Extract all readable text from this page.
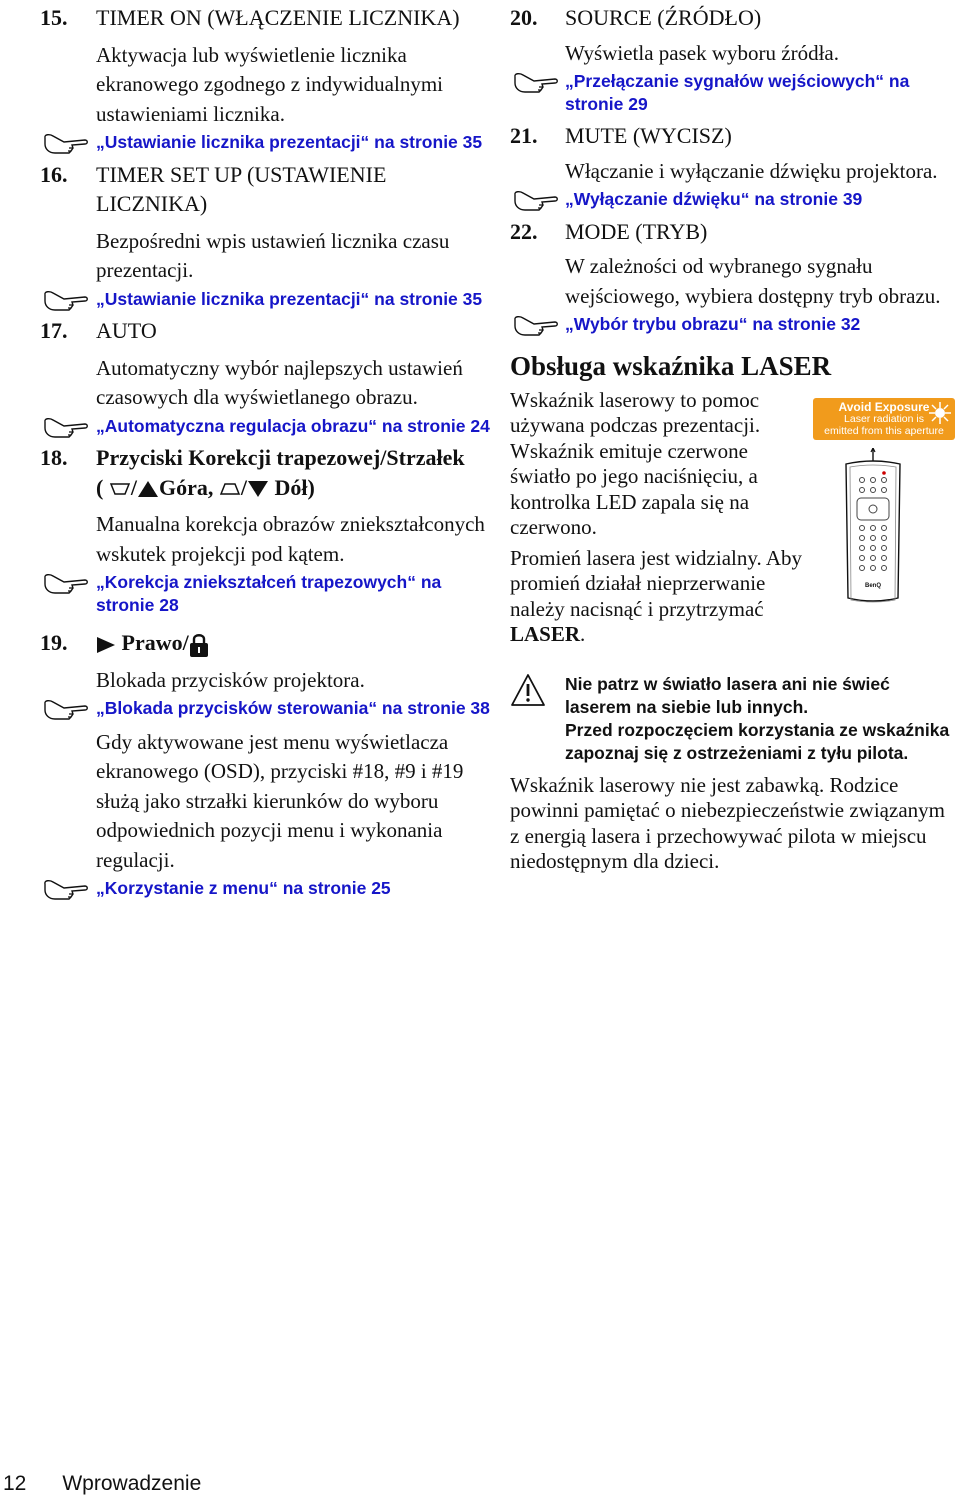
15. TIMER ON (WŁĄCZENIE LICZNIKA)
Aktywacja lub wyświetlenie licznika ekranowego zgodnego z indywidualnymi ustawieniami licznika.
„Ustawianie licznika prezentacji“ na stronie 35
16. TIMER SET UP (USTAWIENIE LICZNIKA)
Bezpośredni wpis ustawień licznika czasu prezentacji.
„Ustawianie licznika prezentacji“ na stronie 35
17. AUTO
Automatyczny wybór najlepszych ustawień czasowych dla wyświetlanego obrazu.
„Automatyczna regulacja obrazu“ na stronie 24
18. Przyciski Korekcji trapezowej/Strzałek
( / Góra, / Dół)
Manualna korekcja obrazów zniekształconych wskutek projekcji pod kątem.
„Korekcja zniekształceń trapezowych“ na stronie 28
19.	Prawo/
Blokada przycisków projektora.
„Blokada przycisków sterowania“ na stronie 38
Gdy aktywowane jest menu wyświetlacza ekranowego (OSD), przyciski #18, #9 i #19 służą jako strzałki kierunków do wyboru odpowiednich pozycji menu i wykonania regulacji.
„Korzystanie z menu“ na stronie 25
20. SOURCE (ŹRÓDŁO)
Wyświetla pasek wyboru źródła.
„Przełączanie sygnałów wejściowych“ na stronie 29
21. MUTE (WYCISZ)
Włączanie i wyłączanie dźwięku projektora.
„Wyłączanie dźwięku“ na stronie 39
22. MODE (TRYB)
W zależności od wybranego sygnału wejściowego, wybiera dostępny tryb obrazu.
„Wybór trybu obrazu“ na stronie 32
Obsługa wskaźnika LASER
Wskaźnik laserowy to pomoc używana podczas prezentacji. Wskaźnik emituje czerwone światło po jego naciśnięciu, a kontrolka LED zapala się na czerwono.
Promień lasera jest widzialny. Aby promień działał nieprzerwanie należy nacisnąć i przytrzymać LASER.
Avoid Exposure
Laser radiation is
emitted from this aperture
BenQ
Nie patrz w światło lasera ani nie świeć laserem na siebie lub innych.
Przed rozpoczęciem korzystania ze wskaźnika zapoznaj się z ostrzeżeniami z tyłu pilota.
Wskaźnik laserowy nie jest zabawką. Rodzice powinni pamiętać o niebezpieczeństwie związanym z energią lasera i przechowywać pilota w miejscu niedostępnym dla dzieci.
12 Wprowadzenie
